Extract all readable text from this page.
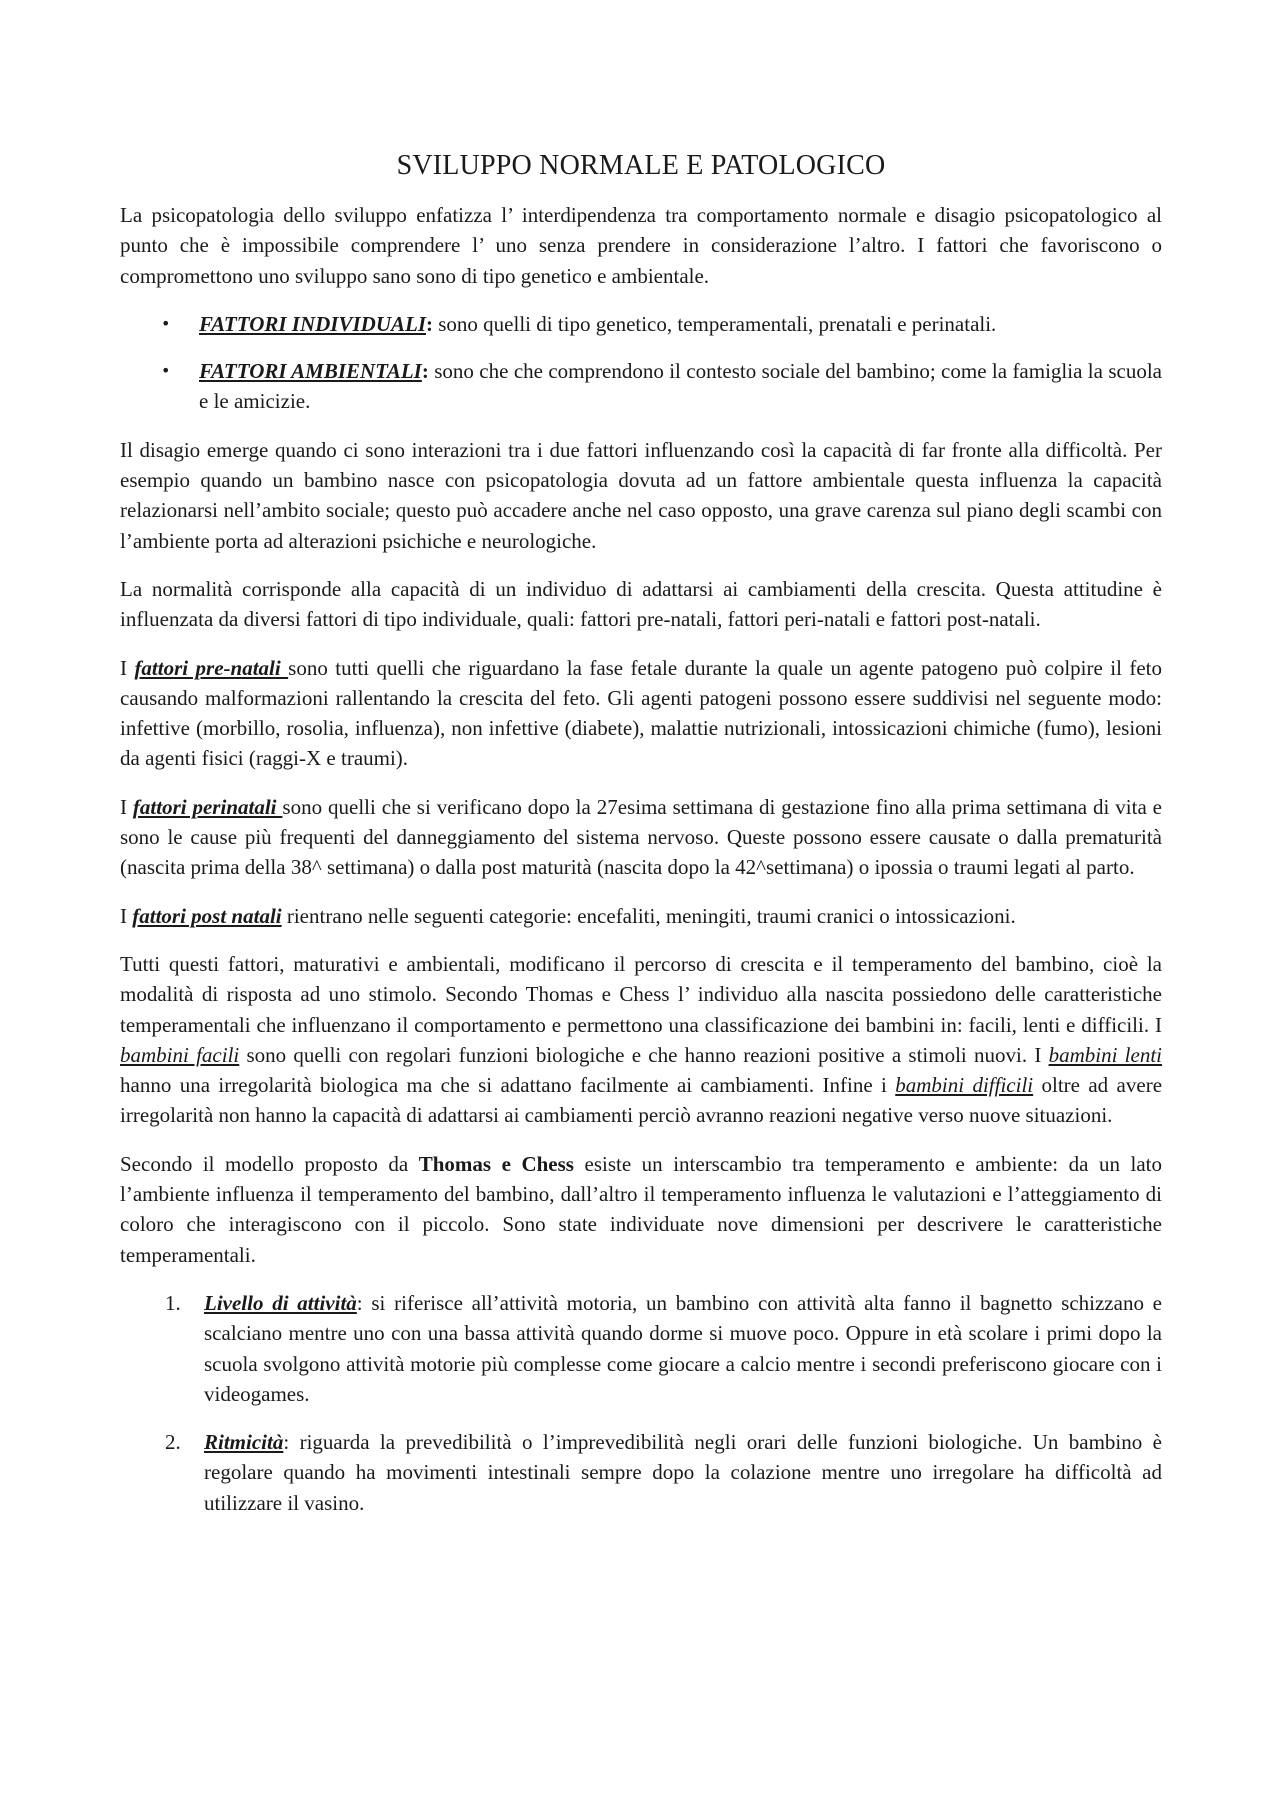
SVILUPPO NORMALE E PATOLOGICO

La psicopatologia dello sviluppo enfatizza l’ interdipendenza tra comportamento normale e disagio psicopatologico al punto che è impossibile comprendere l’ uno senza prendere in considerazione l’altro. I fattori che favoriscono o compromettono uno sviluppo sano sono di tipo genetico e ambientale.

• FATTORI INDIVIDUALI: sono quelli di tipo genetico, temperamentali, prenatali e perinatali.
• FATTORI AMBIENTALI: sono che che comprendono il contesto sociale del bambino; come la famiglia la scuola e le amicizie.

Il disagio emerge quando ci sono interazioni tra i due fattori influenzando così la capacità di far fronte alla difficoltà. Per esempio quando un bambino nasce con psicopatologia dovuta ad un fattore ambientale questa influenza la capacità relazionarsi nell’ambito sociale; questo può accadere anche nel caso opposto, una grave carenza sul piano degli scambi con l’ambiente porta ad alterazioni psichiche e neurologiche.

La normalità corrisponde alla capacità di un individuo di adattarsi ai cambiamenti della crescita. Questa attitudine è influenzata da diversi fattori di tipo individuale, quali: fattori pre-natali, fattori peri-natali e fattori post-natali.

I fattori pre-natali sono tutti quelli che riguardano la fase fetale durante la quale un agente patogeno può colpire il feto causando malformazioni rallentando la crescita del feto. Gli agenti patogeni possono essere suddivisi nel seguente modo: infettive (morbillo, rosolia, influenza), non infettive (diabete), malattie nutrizionali, intossicazioni chimiche (fumo), lesioni da agenti fisici (raggi-X e traumi).

I fattori perinatali sono quelli che si verificano dopo la 27esima settimana di gestazione fino alla prima settimana di vita e sono le cause più frequenti del danneggiamento del sistema nervoso. Queste possono essere causate o dalla prematurità (nascita prima della 38^ settimana) o dalla post maturità (nascita dopo la 42^settimana) o ipossia o traumi legati al parto.

I fattori post natali rientrano nelle seguenti categorie: encefaliti, meningiti, traumi cranici o intossicazioni.

Tutti questi fattori, maturativi e ambientali, modificano il percorso di crescita e il temperamento del bambino, cioè la modalità di risposta ad uno stimolo. Secondo Thomas e Chess l’ individuo alla nascita possiedono delle caratteristiche temperamentali che influenzano il comportamento e permettono una classificazione dei bambini in: facili, lenti e difficili. I bambini facili sono quelli con regolari funzioni biologiche e che hanno reazioni positive a stimoli nuovi. I bambini lenti hanno una irregolarità biologica ma che si adattano facilmente ai cambiamenti. Infine i bambini difficili oltre ad avere irregolarità non hanno la capacità di adattarsi ai cambiamenti perciò avranno reazioni negative verso nuove situazioni.

Secondo il modello proposto da Thomas e Chess esiste un interscambio tra temperamento e ambiente: da un lato l’ambiente influenza il temperamento del bambino, dall’altro il temperamento influenza le valutazioni e l’atteggiamento di coloro che interagiscono con il piccolo. Sono state individuate nove dimensioni per descrivere le caratteristiche temperamentali.

1. Livello di attività: si riferisce all’attività motoria, un bambino con attività alta fanno il bagnetto schizzano e scalciano mentre uno con una bassa attività quando dorme si muove poco. Oppure in età scolare i primi dopo la scuola svolgono attività motorie più complesse come giocare a calcio mentre i secondi preferiscono giocare con i videogames.
2. Ritmicità: riguarda la prevedibilità o l’imprevedibilità negli orari delle funzioni biologiche. Un bambino è regolare quando ha movimenti intestinali sempre dopo la colazione mentre uno irregolare ha difficoltà ad utilizzare il vasino.
